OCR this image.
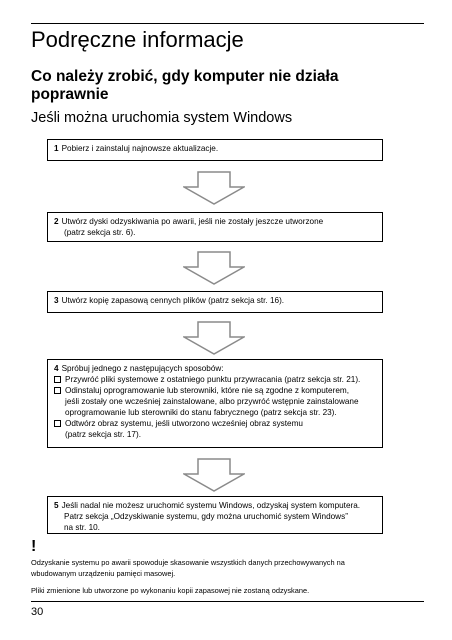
Podręczne informacje
Co należy zrobić, gdy komputer nie działa
poprawnie
Jeśli można uruchomia system Windows
1 Pobierz i zainstaluj najnowsze aktualizacje.
2 Utwórz dyski odzyskiwania po awarii, jeśli nie zostały jeszcze utworzone
(patrz sekcja str. 6).
3 Utwórz kopię zapasową cennych plików (patrz sekcja str. 16).
4 Spróbuj jednego z następujących sposobów:
Przywróć pliki systemowe z ostatniego punktu przywracania (patrz sekcja str. 21).
Odinstaluj oprogramowanie lub sterowniki, które nie są zgodne z komputerem,
jeśli zostały one wcześniej zainstalowane, albo przywróć wstępnie zainstalowane
oprogramowanie lub sterowniki do stanu fabrycznego (patrz sekcja str. 23).
Odtwórz obraz systemu, jeśli utworzono wcześniej obraz systemu
(patrz sekcja str. 17).
5 Jeśli nadal nie możesz uruchomić systemu Windows, odzyskaj system komputera.
Patrz sekcja „Odzyskiwanie systemu, gdy można uruchomić system Windows”
na str. 10.
!
Odzyskanie systemu po awarii spowoduje skasowanie wszystkich danych przechowywanych na
wbudowanym urządzeniu pamięci masowej.
Pliki zmienione lub utworzone po wykonaniu kopii zapasowej nie zostaną odzyskane.
30
